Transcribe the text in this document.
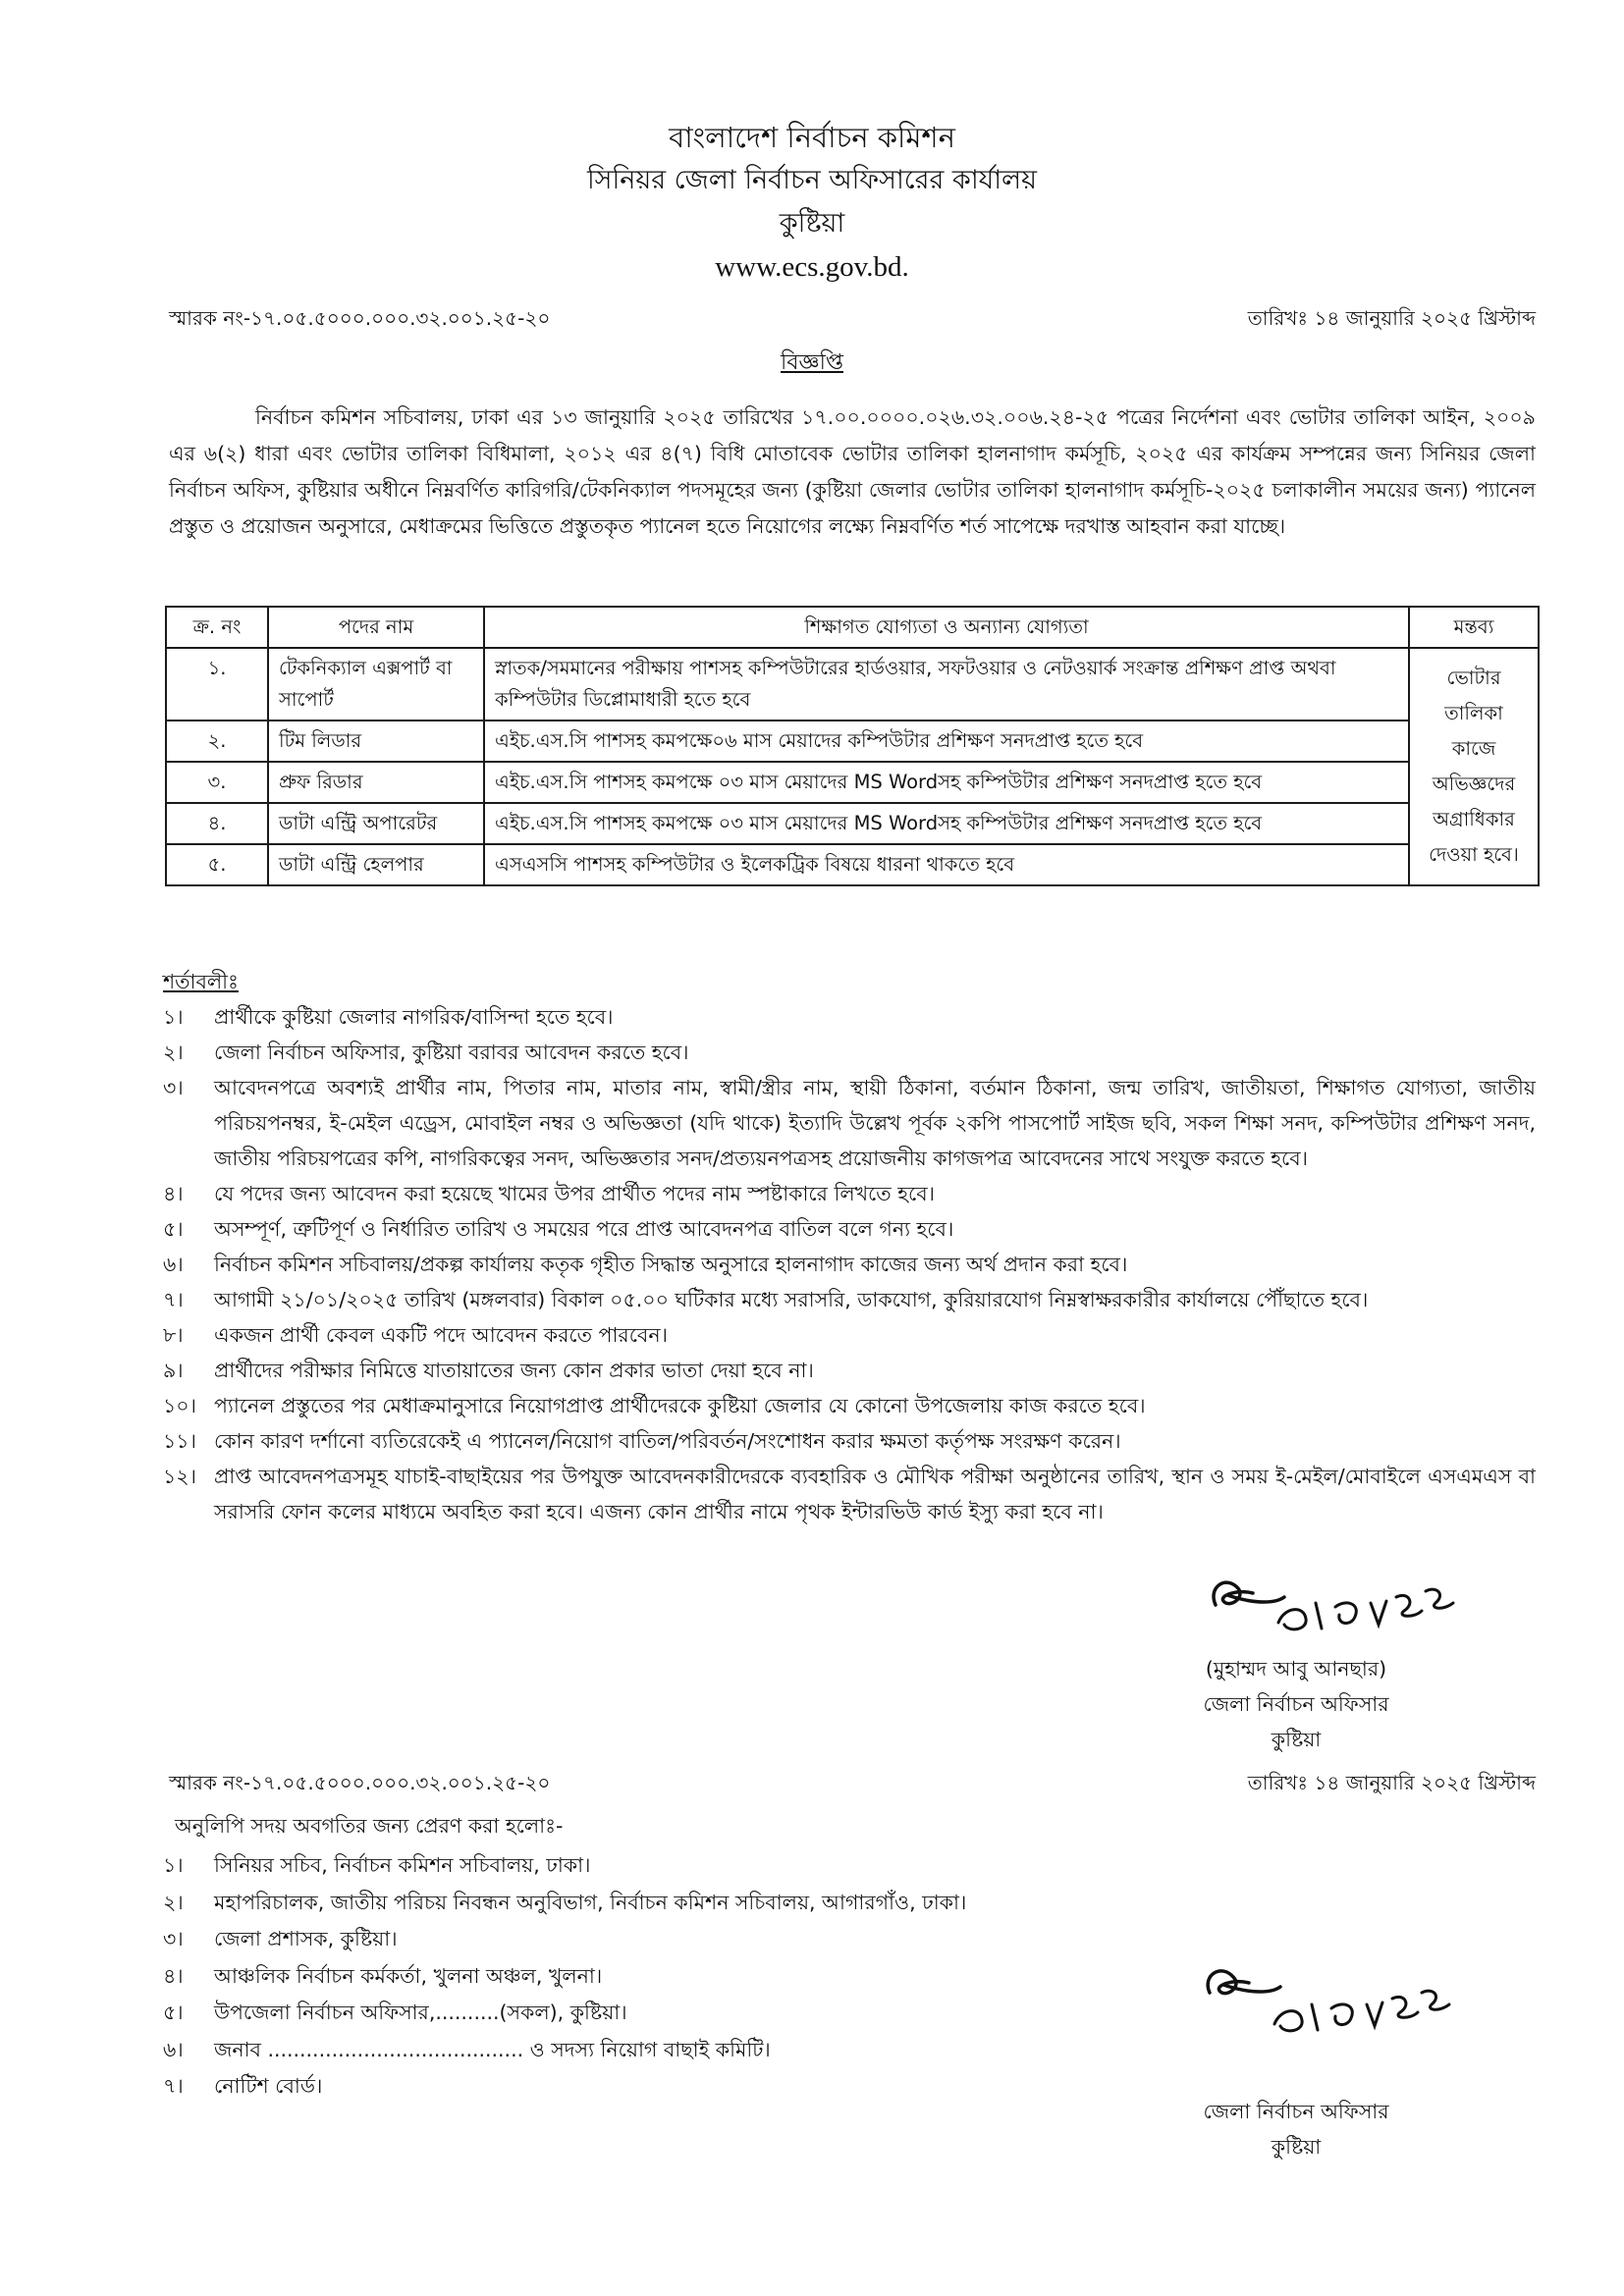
বাংলাদেশ নির্বাচন কমিশন
সিনিয়র জেলা নির্বাচন অফিসারের কার্যালয়
কুষ্টিয়া
www.ecs.gov.bd.
স্মারক নং-১৭.০৫.৫০০০.০০০.৩২.০০১.২৫-২০	তারিখঃ ১৪ জানুয়ারি ২০২৫ খ্রিস্টাব্দ
বিজ্ঞপ্তি
নির্বাচন কমিশন সচিবালয়, ঢাকা এর ১৩ জানুয়ারি ২০২৫ তারিখের ১৭.০০.০০০০.০২৬.৩২.০০৬.২৪-২৫ পত্রের নির্দেশনা এবং ভোটার তালিকা আইন, ২০০৯ এর ৬(২) ধারা এবং ভোটার তালিকা বিধিমালা, ২০১২ এর ৪(৭) বিধি মোতাবেক ভোটার তালিকা হালনাগাদ কর্মসূচি, ২০২৫ এর কার্যক্রম সম্পন্নের জন্য সিনিয়র জেলা নির্বাচন অফিস, কুষ্টিয়ার অধীনে নিম্নবর্ণিত কারিগরি/টেকনিক্যাল পদসমূহের জন্য (কুষ্টিয়া জেলার ভোটার তালিকা হালনাগাদ কর্মসূচি-২০২৫ চলাকালীন সময়ের জন্য) প্যানেল প্রস্তুত ও প্রয়োজন অনুসারে, মেধাক্রমের ভিত্তিতে প্রস্তুতকৃত প্যানেল হতে নিয়োগের লক্ষ্যে নিম্নবর্ণিত শর্ত সাপেক্ষে দরখাস্ত আহবান করা যাচ্ছে।
ক্র. নং	পদের নাম	শিক্ষাগত যোগ্যতা ও অন্যান্য যোগ্যতা	মন্তব্য
১.	টেকনিক্যাল এক্সপার্ট বা সাপোর্ট	স্নাতক/সমমানের পরীক্ষায় পাশসহ কম্পিউটারের হার্ডওয়ার, সফটওয়ার ও নেটওয়ার্ক সংক্রান্ত প্রশিক্ষণ প্রাপ্ত অথবা কম্পিউটার ডিপ্লোমাধারী হতে হবে	ভোটার তালিকা কাজে অভিজ্ঞদের অগ্রাধিকার দেওয়া হবে।
২.	টিম লিডার	এইচ.এস.সি পাশসহ কমপক্ষে০৬ মাস মেয়াদের কম্পিউটার প্রশিক্ষণ সনদপ্রাপ্ত হতে হবে	
৩.	প্রুফ রিডার	এইচ.এস.সি পাশসহ কমপক্ষে ০৩ মাস মেয়াদের MS Wordসহ কম্পিউটার প্রশিক্ষণ সনদপ্রাপ্ত হতে হবে	
৪.	ডাটা এন্ট্রি অপারেটর	এইচ.এস.সি পাশসহ কমপক্ষে ০৩ মাস মেয়াদের MS Wordসহ কম্পিউটার প্রশিক্ষণ সনদপ্রাপ্ত হতে হবে	
৫.	ডাটা এন্ট্রি হেলপার	এসএসসি পাশসহ কম্পিউটার ও ইলেকট্রিক বিষয়ে ধারনা থাকতে হবে	
শর্তাবলীঃ
১। প্রার্থীকে কুষ্টিয়া জেলার নাগরিক/বাসিন্দা হতে হবে।
২। জেলা নির্বাচন অফিসার, কুষ্টিয়া বরাবর আবেদন করতে হবে।
৩। আবেদনপত্রে অবশ্যই প্রার্থীর নাম, পিতার নাম, মাতার নাম, স্বামী/স্ত্রীর নাম, স্থায়ী ঠিকানা, বর্তমান ঠিকানা, জন্ম তারিখ, জাতীয়তা, শিক্ষাগত যোগ্যতা, জাতীয় পরিচয়পনম্বর, ই-মেইল এড্রেস, মোবাইল নম্বর ও অভিজ্ঞতা (যদি থাকে) ইত্যাদি উল্লেখ পূর্বক ২কপি পাসপোর্ট সাইজ ছবি, সকল শিক্ষা সনদ, কম্পিউটার প্রশিক্ষণ সনদ, জাতীয় পরিচয়পত্রের কপি, নাগরিকত্বের সনদ, অভিজ্ঞতার সনদ/প্রত্যয়নপত্রসহ প্রয়োজনীয় কাগজপত্র আবেদনের সাথে সংযুক্ত করতে হবে।
৪। যে পদের জন্য আবেদন করা হয়েছে খামের উপর প্রার্থীত পদের নাম স্পষ্টাকারে লিখতে হবে।
৫। অসম্পূর্ণ, ত্রুটিপূর্ণ ও নির্ধারিত তারিখ ও সময়ের পরে প্রাপ্ত আবেদনপত্র বাতিল বলে গন্য হবে।
৬। নির্বাচন কমিশন সচিবালয়/প্রকল্প কার্যালয় কতৃক গৃহীত সিদ্ধান্ত অনুসারে হালনাগাদ কাজের জন্য অর্থ প্রদান করা হবে।
৭। আগামী ২১/০১/২০২৫ তারিখ (মঙ্গলবার) বিকাল ০৫.০০ ঘটিকার মধ্যে সরাসরি, ডাকযোগ, কুরিয়ারযোগ নিম্নস্বাক্ষরকারীর কার্যালয়ে পৌঁছাতে হবে।
৮। একজন প্রার্থী কেবল একটি পদে আবেদন করতে পারবেন।
৯। প্রার্থীদের পরীক্ষার নিমিত্তে যাতায়াতের জন্য কোন প্রকার ভাতা দেয়া হবে না।
১০। প্যানেল প্রস্তুতের পর মেধাক্রমানুসারে নিয়োগপ্রাপ্ত প্রার্থীদেরকে কুষ্টিয়া জেলার যে কোনো উপজেলায় কাজ করতে হবে।
১১। কোন কারণ দর্শানো ব্যতিরেকেই এ প্যানেল/নিয়োগ বাতিল/পরিবর্তন/সংশোধন করার ক্ষমতা কর্তৃপক্ষ সংরক্ষণ করেন।
১২। প্রাপ্ত আবেদনপত্রসমূহ যাচাই-বাছাইয়ের পর উপযুক্ত আবেদনকারীদেরকে ব্যবহারিক ও মৌখিক পরীক্ষা অনুষ্ঠানের তারিখ, স্থান ও সময় ই-মেইল/মোবাইলে এসএমএস বা সরাসরি ফোন কলের মাধ্যমে অবহিত করা হবে। এজন্য কোন প্রার্থীর নামে পৃথক ইন্টারভিউ কার্ড ইস্যু করা হবে না।
(মুহাম্মদ আবু আনছার)
জেলা নির্বাচন অফিসার
কুষ্টিয়া
স্মারক নং-১৭.০৫.৫০০০.০০০.৩২.০০১.২৫-২০	তারিখঃ ১৪ জানুয়ারি ২০২৫ খ্রিস্টাব্দ
অনুলিপি সদয় অবগতির জন্য প্রেরণ করা হলোঃ-
১। সিনিয়র সচিব, নির্বাচন কমিশন সচিবালয়, ঢাকা।
২। মহাপরিচালক, জাতীয় পরিচয় নিবন্ধন অনুবিভাগ, নির্বাচন কমিশন সচিবালয়, আগারগাঁও, ঢাকা।
৩। জেলা প্রশাসক, কুষ্টিয়া।
৪। আঞ্চলিক নির্বাচন কর্মকর্তা, খুলনা অঞ্চল, খুলনা।
৫। উপজেলা নির্বাচন অফিসার,..........(সকল), কুষ্টিয়া।
৬। জনাব ........................................ ও সদস্য নিয়োগ বাছাই কমিটি।
৭। নোটিশ বোর্ড।
জেলা নির্বাচন অফিসার
কুষ্টিয়া
